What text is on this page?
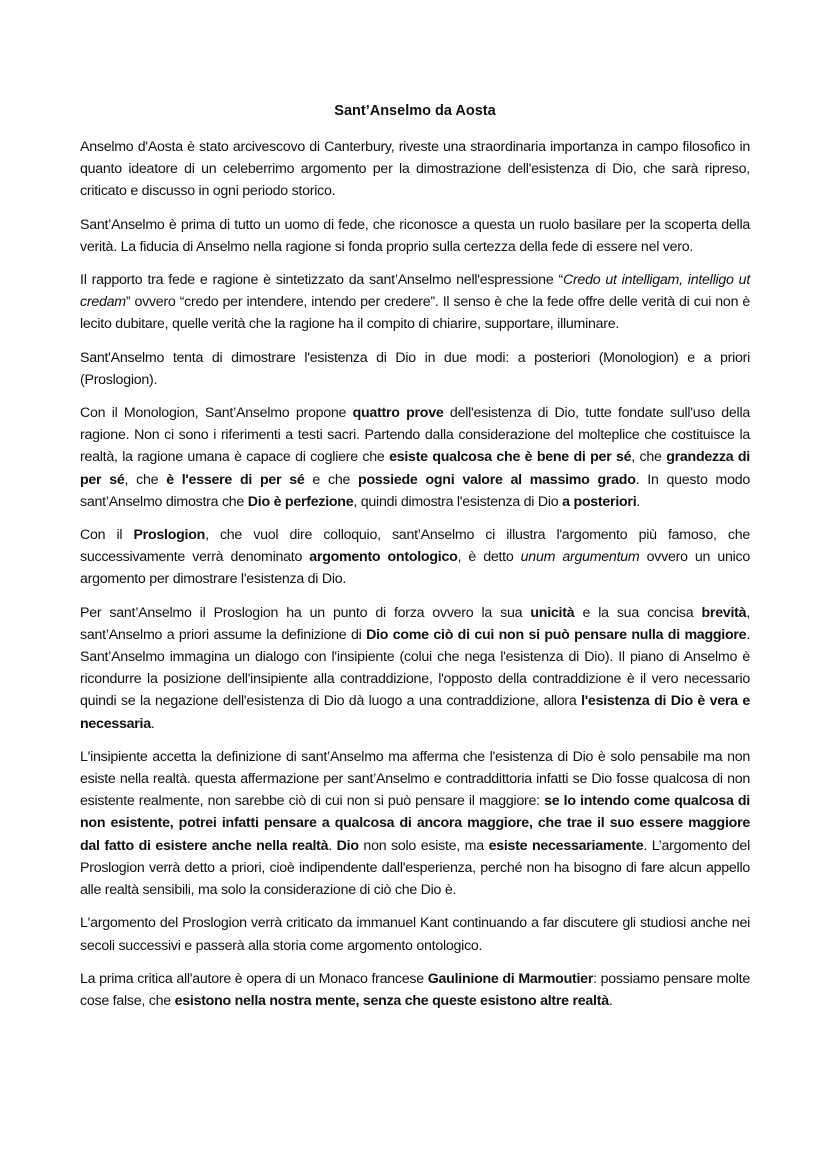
Sant’Anselmo da Aosta

Anselmo d'Aosta è stato arcivescovo di Canterbury, riveste una straordinaria importanza in campo filosofico in quanto ideatore di un celeberrimo argomento per la dimostrazione dell'esistenza di Dio, che sarà ripreso, criticato e discusso in ogni periodo storico.

Sant’Anselmo è prima di tutto un uomo di fede, che riconosce a questa un ruolo basilare per la scoperta della verità. La fiducia di Anselmo nella ragione si fonda proprio sulla certezza della fede di essere nel vero.

Il rapporto tra fede e ragione è sintetizzato da sant’Anselmo nell'espressione “Credo ut intelligam, intelligo ut credam” ovvero “credo per intendere, intendo per credere”. Il senso è che la fede offre delle verità di cui non è lecito dubitare, quelle verità che la ragione ha il compito di chiarire, supportare, illuminare.

Sant'Anselmo tenta di dimostrare l'esistenza di Dio in due modi: a posteriori (Monologion) e a priori (Proslogion).

Con il Monologion, Sant’Anselmo propone quattro prove dell'esistenza di Dio, tutte fondate sull'uso della ragione. Non ci sono i riferimenti a testi sacri. Partendo dalla considerazione del molteplice che costituisce la realtà, la ragione umana è capace di cogliere che esiste qualcosa che è bene di per sé, che grandezza di per sé, che è l'essere di per sé e che possiede ogni valore al massimo grado. In questo modo sant’Anselmo dimostra che Dio è perfezione, quindi dimostra l'esistenza di Dio a posteriori.

Con il Proslogion, che vuol dire colloquio, sant’Anselmo ci illustra l'argomento più famoso, che successivamente verrà denominato argomento ontologico, è detto unum argumentum ovvero un unico argomento per dimostrare l'esistenza di Dio.

Per sant’Anselmo il Proslogion ha un punto di forza ovvero la sua unicità e la sua concisa brevità, sant’Anselmo a priori assume la definizione di Dio come ciò di cui non si può pensare nulla di maggiore. Sant’Anselmo immagina un dialogo con l'insipiente (colui che nega l'esistenza di Dio). Il piano di Anselmo è ricondurre la posizione dell'insipiente alla contraddizione, l'opposto della contraddizione è il vero necessario quindi se la negazione dell'esistenza di Dio dà luogo a una contraddizione, allora l'esistenza di Dio è vera e necessaria.

L'insipiente accetta la definizione di sant’Anselmo ma afferma che l'esistenza di Dio è solo pensabile ma non esiste nella realtà. questa affermazione per sant’Anselmo e contraddittoria infatti se Dio fosse qualcosa di non esistente realmente, non sarebbe ciò di cui non si può pensare il maggiore: se lo intendo come qualcosa di non esistente, potrei infatti pensare a qualcosa di ancora maggiore, che trae il suo essere maggiore dal fatto di esistere anche nella realtà. Dio non solo esiste, ma esiste necessariamente. L’argomento del Proslogion verrà detto a priori, cioè indipendente dall'esperienza, perché non ha bisogno di fare alcun appello alle realtà sensibili, ma solo la considerazione di ciò che Dio è.

L'argomento del Proslogion verrà criticato da immanuel Kant continuando a far discutere gli studiosi anche nei secoli successivi e passerà alla storia come argomento ontologico.

La prima critica all'autore è opera di un Monaco francese Gaulinione di Marmoutier: possiamo pensare molte cose false, che esistono nella nostra mente, senza che queste esistono altre realtà.
